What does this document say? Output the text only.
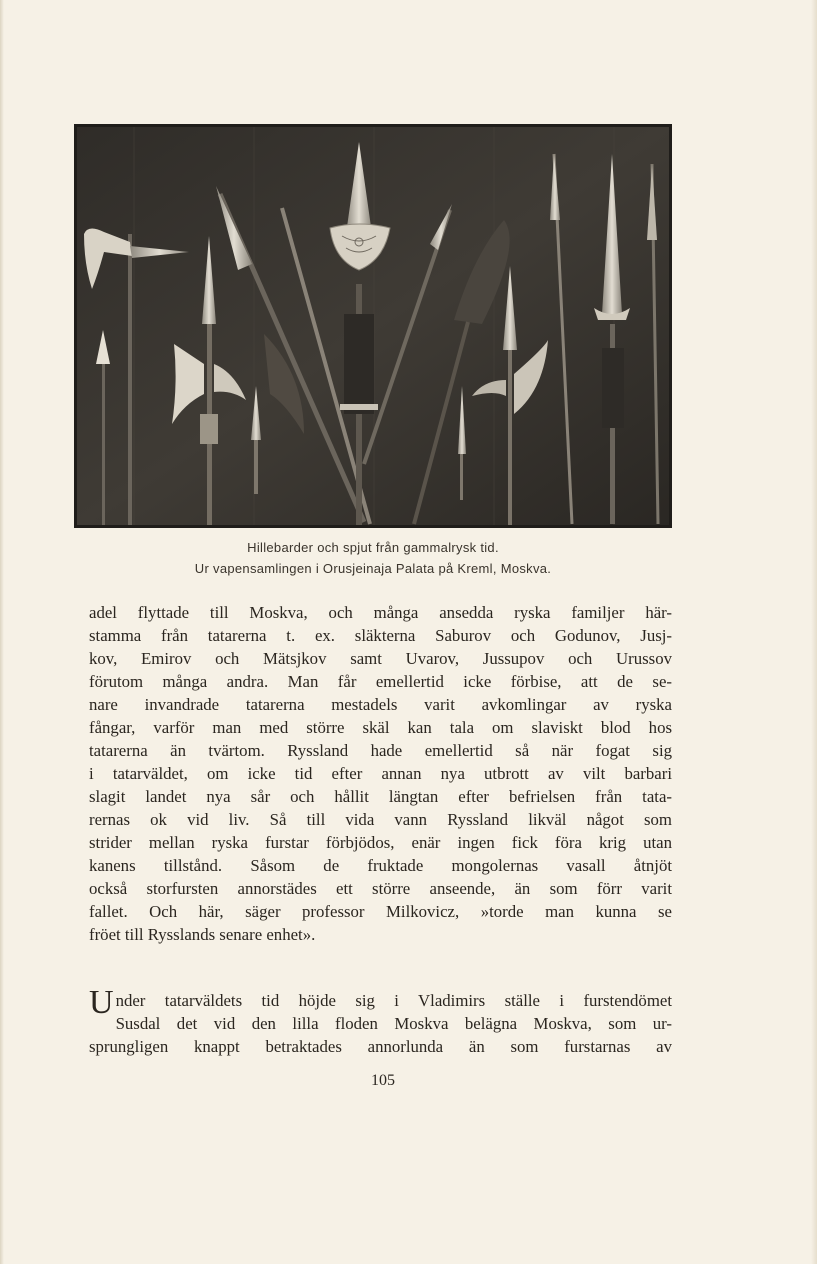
Hillebarder och spjut från gammalrysk tid.
Ur vapensamlingen i Orusjeinaja Palata på Kreml, Moskva.
adel flyttade till Moskva, och många ansedda ryska familjer här-
stamma från tatarerna t. ex. släkterna Saburov och Godunov, Jusj-
kov, Emirov och Mätsjkov samt Uvarov, Jussupov och Urussov
förutom många andra. Man får emellertid icke förbise, att de se-
nare invandrade tatarerna mestadels varit avkomlingar av ryska
fångar, varför man med större skäl kan tala om slaviskt blod hos
tatarerna än tvärtom. Ryssland hade emellertid så när fogat sig
i tatarväldet, om icke tid efter annan nya utbrott av vilt barbari
slagit landet nya sår och hållit längtan efter befrielsen från tata-
rernas ok vid liv. Så till vida vann Ryssland likväl något som
strider mellan ryska furstar förbjödos, enär ingen fick föra krig utan
kanens tillstånd. Såsom de fruktade mongolernas vasall åtnjöt
också storfursten annorstädes ett större anseende, än som förr varit
fallet. Och här, säger professor Milkovicz, »torde man kunna se
fröet till Rysslands senare enhet».
U nder tatarväldets tid höjde sig i Vladimirs ställe i furstendömet
Susdal det vid den lilla floden Moskva belägna Moskva, som ur-
sprungligen knappt betraktades annorlunda än som furstarnas av
105
